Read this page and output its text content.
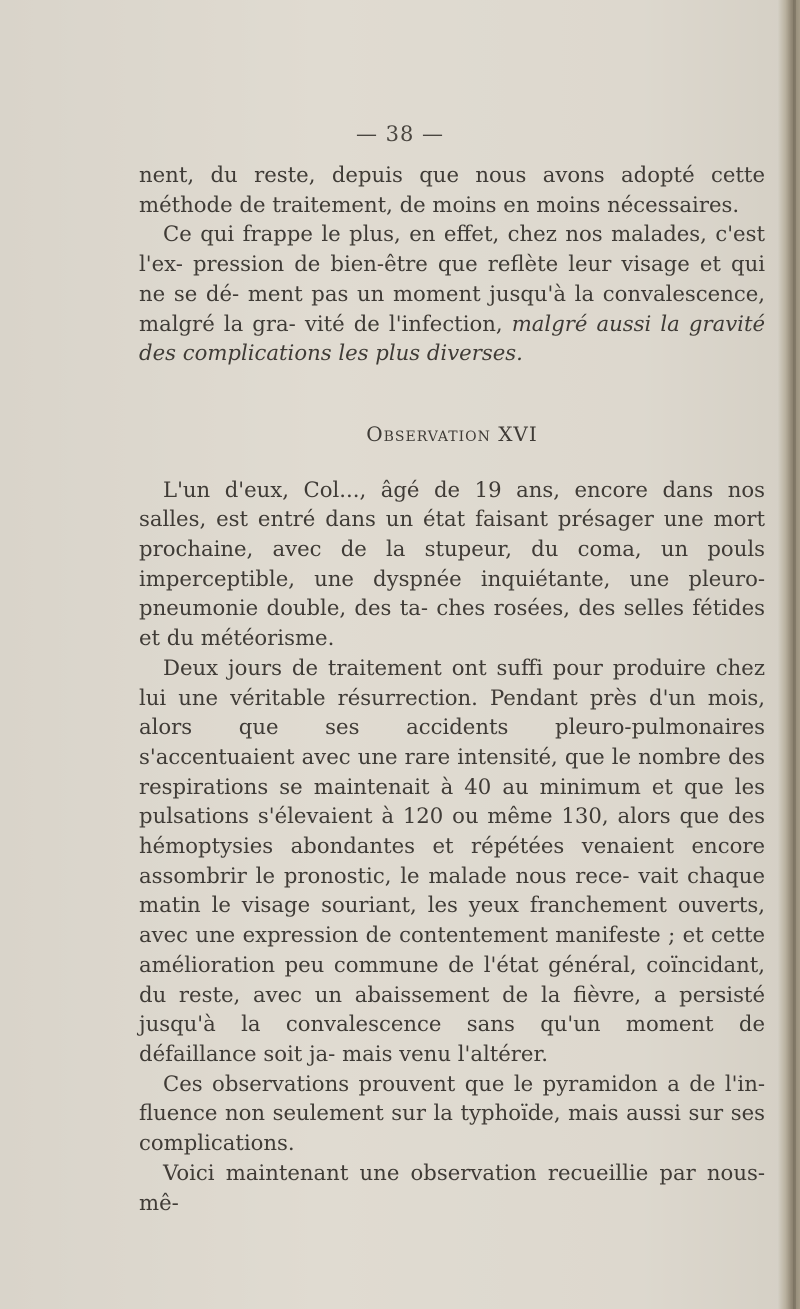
— 38 —

nent, du reste, depuis que nous avons adopté cette méthode de traitement, de moins en moins nécessaires.

Ce qui frappe le plus, en effet, chez nos malades, c'est l'ex- pression de bien-être que reflète leur visage et qui ne se dé- ment pas un moment jusqu'à la convalescence, malgré la gra- vité de l'infection, malgré aussi la gravité des complications les plus diverses.

Observation XVI

L'un d'eux, Col..., âgé de 19 ans, encore dans nos salles, est entré dans un état faisant présager une mort prochaine, avec de la stupeur, du coma, un pouls imperceptible, une dyspnée inquiétante, une pleuro-pneumonie double, des ta- ches rosées, des selles fétides et du météorisme.

Deux jours de traitement ont suffi pour produire chez lui une véritable résurrection. Pendant près d'un mois, alors que ses accidents pleuro-pulmonaires s'accentuaient avec une rare intensité, que le nombre des respirations se maintenait à 40 au minimum et que les pulsations s'élevaient à 120 ou même 130, alors que des hémoptysies abondantes et répétées venaient encore assombrir le pronostic, le malade nous rece- vait chaque matin le visage souriant, les yeux franchement ouverts, avec une expression de contentement manifeste ; et cette amélioration peu commune de l'état général, coïncidant, du reste, avec un abaissement de la fièvre, a persisté jusqu'à la convalescence sans qu'un moment de défaillance soit ja- mais venu l'altérer.

Ces observations prouvent que le pyramidon a de l'in- fluence non seulement sur la typhoïde, mais aussi sur ses complications.

Voici maintenant une observation recueillie par nous-mê-
